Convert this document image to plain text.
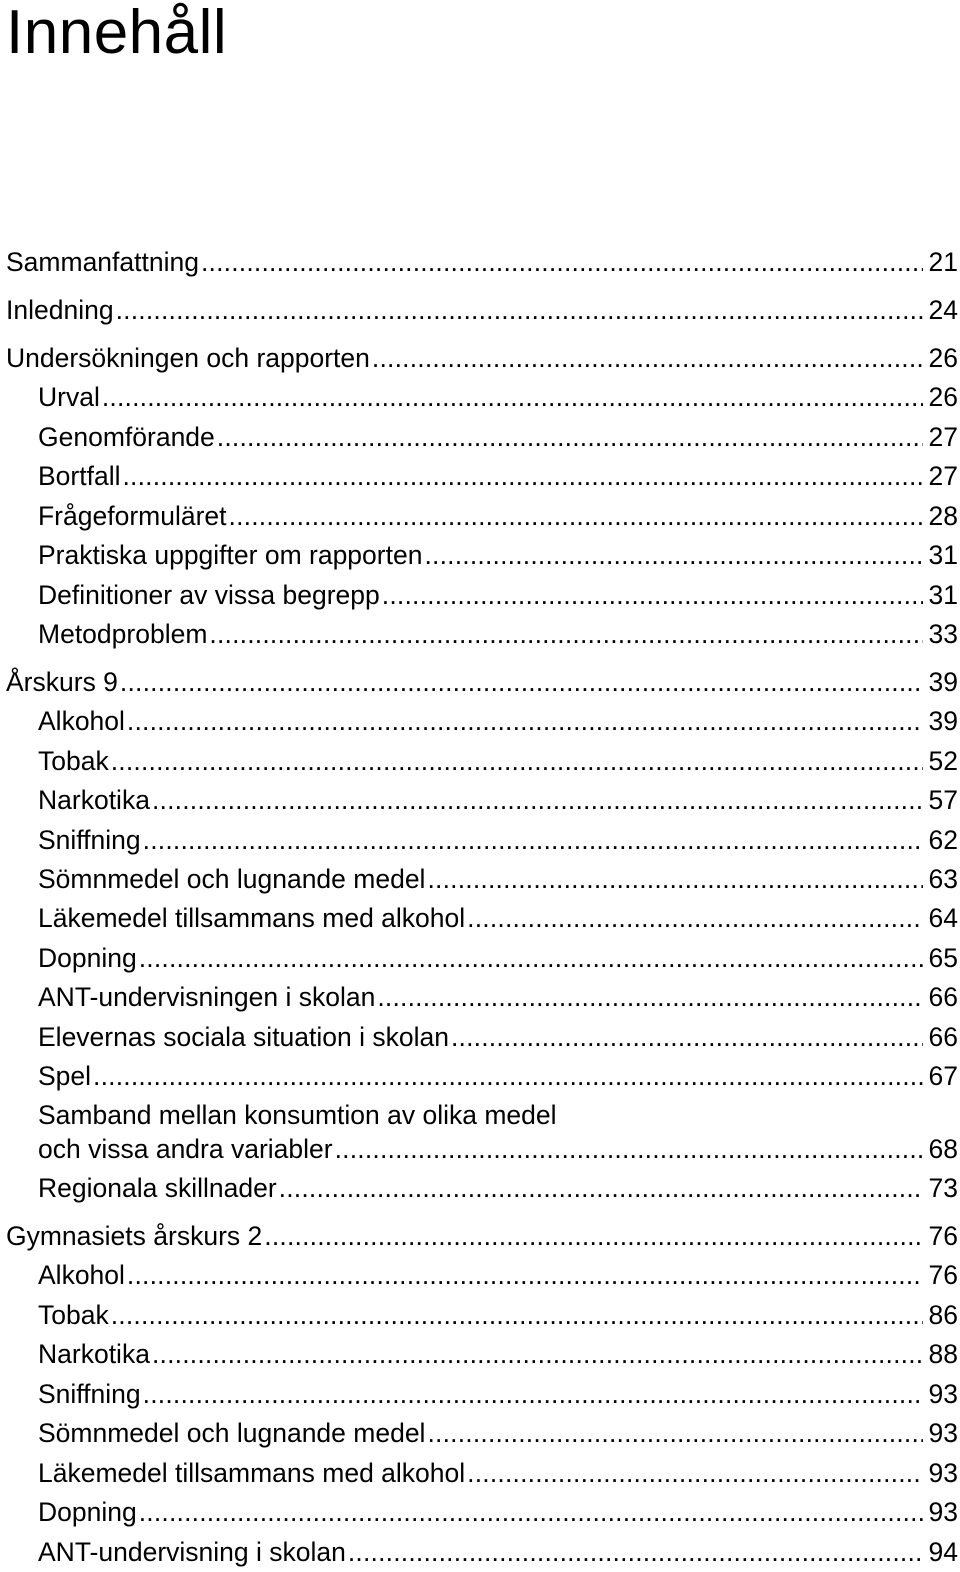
Innehåll
Sammanfattning .....	21
Inledning .....	24
Undersökningen och rapporten .....	26
Urval .....	26
Genomförande .....	27
Bortfall .....	27
Frågeformuläret .....	28
Praktiska uppgifter om rapporten .....	31
Definitioner av vissa begrepp .....	31
Metodproblem .....	33
Årskurs 9 .....	39
Alkohol .....	39
Tobak .....	52
Narkotika .....	57
Sniffning .....	62
Sömnmedel och lugnande medel .....	63
Läkemedel tillsammans med alkohol .....	64
Dopning .....	65
ANT-undervisningen i skolan .....	66
Elevernas sociala situation i skolan .....	66
Spel .....	67
Samband mellan konsumtion av olika medel
och vissa andra variabler .....	68
Regionala skillnader .....	73
Gymnasiets årskurs 2 .....	76
Alkohol .....	76
Tobak .....	86
Narkotika .....	88
Sniffning .....	93
Sömnmedel och lugnande medel .....	93
Läkemedel tillsammans med alkohol .....	93
Dopning .....	93
ANT-undervisning i skolan .....	94
